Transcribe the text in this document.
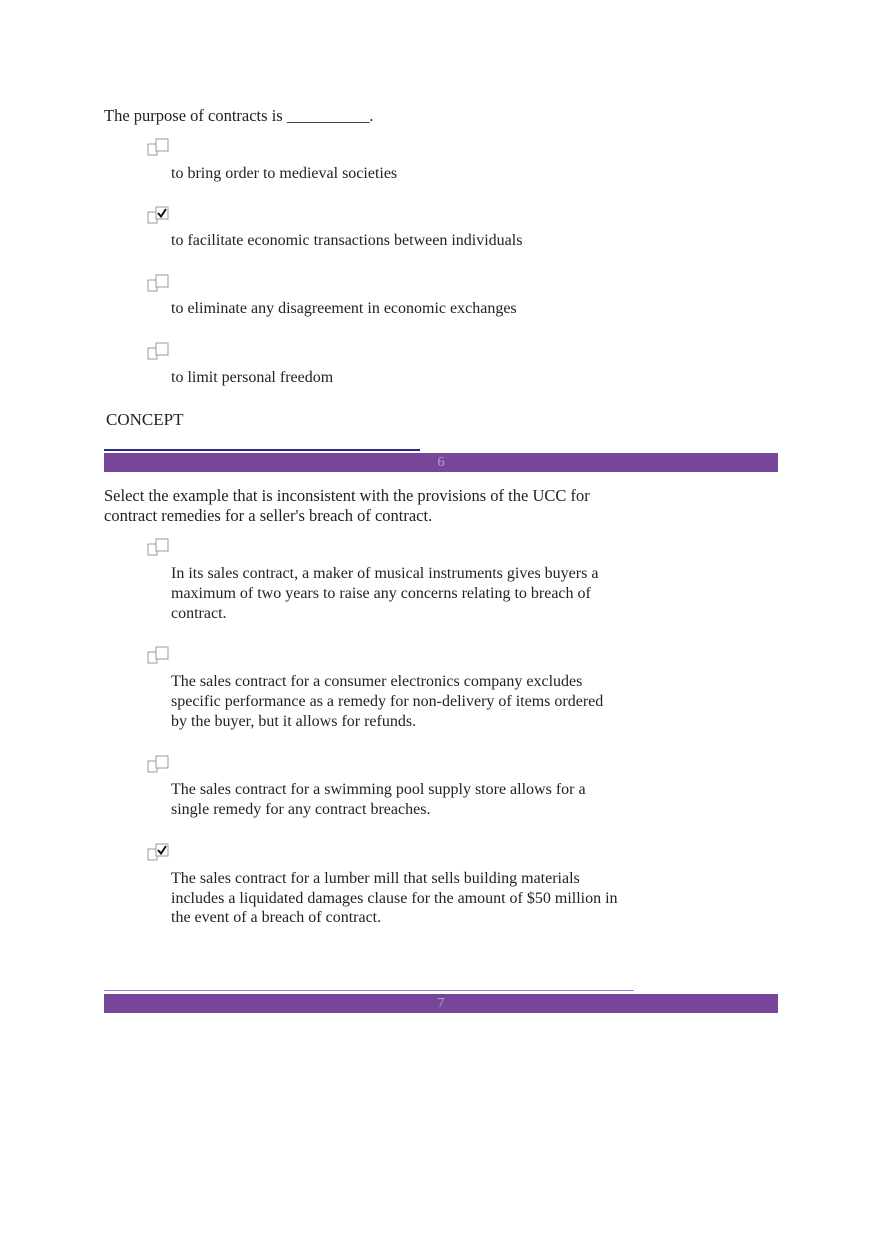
The purpose of contracts is __________.
to bring order to medieval societies
to facilitate economic transactions between individuals
to eliminate any disagreement in economic exchanges
to limit personal freedom
CONCEPT
6
Select the example that is inconsistent with the provisions of the UCC for
contract remedies for a seller's breach of contract.
In its sales contract, a maker of musical instruments gives buyers a
maximum of two years to raise any concerns relating to breach of
contract.
The sales contract for a consumer electronics company excludes
specific performance as a remedy for non-delivery of items ordered
by the buyer, but it allows for refunds.
The sales contract for a swimming pool supply store allows for a
single remedy for any contract breaches.
The sales contract for a lumber mill that sells building materials
includes a liquidated damages clause for the amount of $50 million in
the event of a breach of contract.
7
